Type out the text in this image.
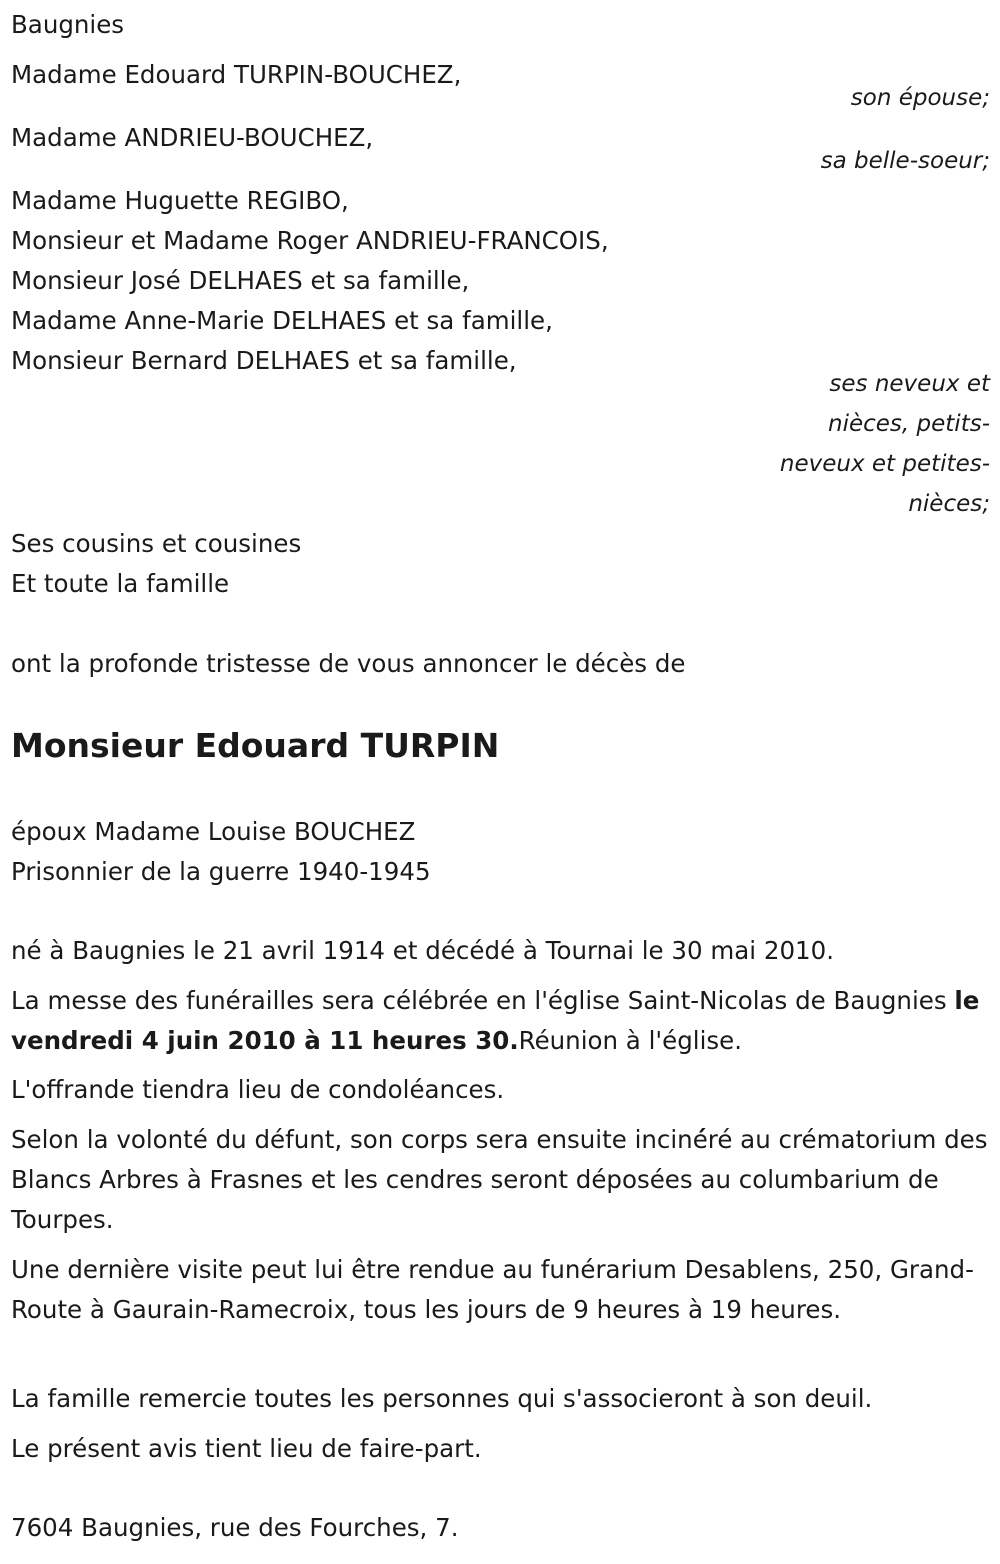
Baugnies
Madame Edouard TURPIN-BOUCHEZ,
son épouse;
Madame ANDRIEU-BOUCHEZ,
sa belle-soeur;
Madame Huguette REGIBO,
Monsieur et Madame Roger ANDRIEU-FRANCOIS,
Monsieur José DELHAES et sa famille,
Madame Anne-Marie DELHAES et sa famille,
Monsieur Bernard DELHAES et sa famille,
ses neveux et
nièces, petits-
neveux et petites-
nièces;
Ses cousins et cousines
Et toute la famille
ont la profonde tristesse de vous annoncer le décès de
Monsieur Edouard TURPIN
époux Madame Louise BOUCHEZ
Prisonnier de la guerre 1940-1945
né à Baugnies le 21 avril 1914 et décédé à Tournai le 30 mai 2010.
La messe des funérailles sera célébrée en l'église Saint-Nicolas de Baugnies le vendredi 4 juin 2010 à 11 heures 30.Réunion à l'église.
L'offrande tiendra lieu de condoléances.
Selon la volonté du défunt, son corps sera ensuite inciné́ré au crématorium des Blancs Arbres à Frasnes et les cendres seront déposées au columbarium de Tourpes.
Une dernière visite peut lui être rendue au funérarium Desablens, 250, Grand-Route à Gaurain-Ramecroix, tous les jours de 9 heures à 19 heures.
La famille remercie toutes les personnes qui s'associeront à son deuil.
Le présent avis tient lieu de faire-part.
7604 Baugnies, rue des Fourches, 7.
